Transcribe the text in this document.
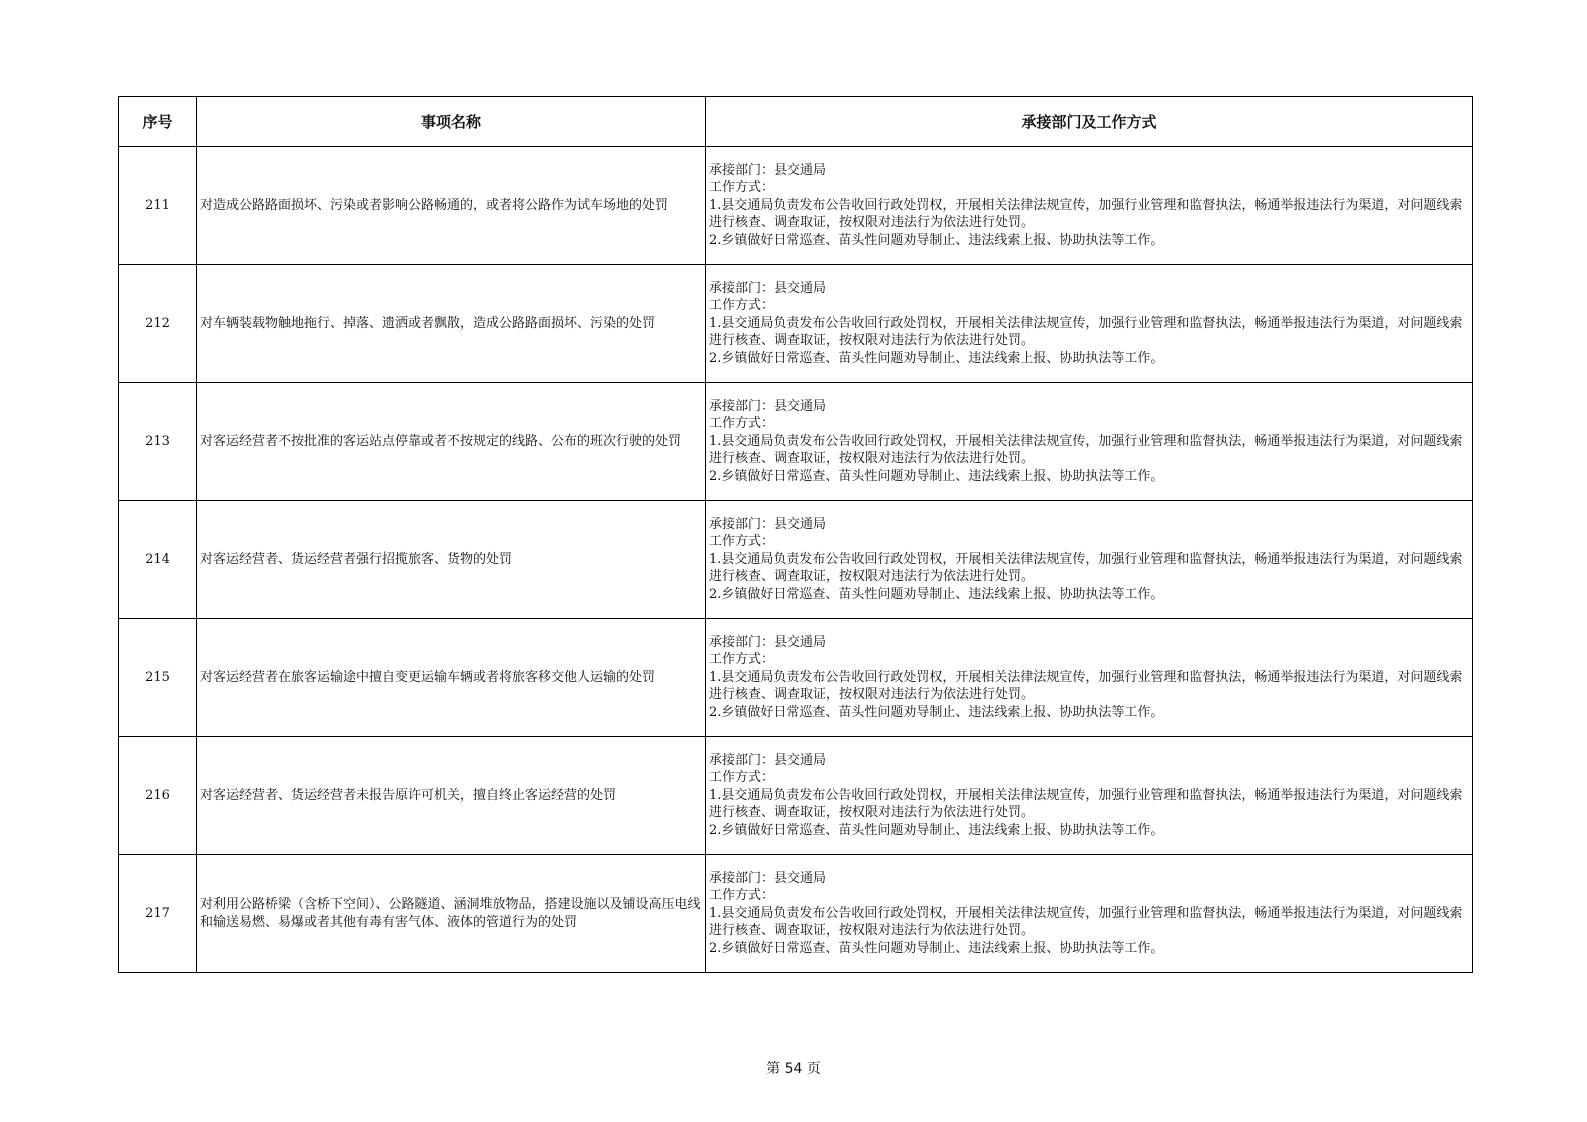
序号	事项名称	承接部门及工作方式
211	对造成公路路面损坏、污染或者影响公路畅通的，或者将公路作为试车场地的处罚	承接部门：县交通局
工作方式：
1.县交通局负责发布公告收回行政处罚权，开展相关法律法规宣传，加强行业管理和监督执法，畅通举报违法行为渠道，对问题线索进行核查、调查取证，按权限对违法行为依法进行处罚。
2.乡镇做好日常巡查、苗头性问题劝导制止、违法线索上报、协助执法等工作。

212	对车辆装载物触地拖行、掉落、遗洒或者飘散，造成公路路面损坏、污染的处罚	承接部门：县交通局
工作方式：
1.县交通局负责发布公告收回行政处罚权，开展相关法律法规宣传，加强行业管理和监督执法，畅通举报违法行为渠道，对问题线索进行核查、调查取证，按权限对违法行为依法进行处罚。
2.乡镇做好日常巡查、苗头性问题劝导制止、违法线索上报、协助执法等工作。

213	对客运经营者不按批准的客运站点停靠或者不按规定的线路、公布的班次行驶的处罚	承接部门：县交通局
工作方式：
1.县交通局负责发布公告收回行政处罚权，开展相关法律法规宣传，加强行业管理和监督执法，畅通举报违法行为渠道，对问题线索进行核查、调查取证，按权限对违法行为依法进行处罚。
2.乡镇做好日常巡查、苗头性问题劝导制止、违法线索上报、协助执法等工作。

214	对客运经营者、货运经营者强行招揽旅客、货物的处罚	承接部门：县交通局
工作方式：
1.县交通局负责发布公告收回行政处罚权，开展相关法律法规宣传，加强行业管理和监督执法，畅通举报违法行为渠道，对问题线索进行核查、调查取证，按权限对违法行为依法进行处罚。
2.乡镇做好日常巡查、苗头性问题劝导制止、违法线索上报、协助执法等工作。

215	对客运经营者在旅客运输途中擅自变更运输车辆或者将旅客移交他人运输的处罚	承接部门：县交通局
工作方式：
1.县交通局负责发布公告收回行政处罚权，开展相关法律法规宣传，加强行业管理和监督执法，畅通举报违法行为渠道，对问题线索进行核查、调查取证，按权限对违法行为依法进行处罚。
2.乡镇做好日常巡查、苗头性问题劝导制止、违法线索上报、协助执法等工作。

216	对客运经营者、货运经营者未报告原许可机关，擅自终止客运经营的处罚	承接部门：县交通局
工作方式：
1.县交通局负责发布公告收回行政处罚权，开展相关法律法规宣传，加强行业管理和监督执法，畅通举报违法行为渠道，对问题线索进行核查、调查取证，按权限对违法行为依法进行处罚。
2.乡镇做好日常巡查、苗头性问题劝导制止、违法线索上报、协助执法等工作。

217	对利用公路桥梁（含桥下空间）、公路隧道、涵洞堆放物品，搭建设施以及铺设高压电线和输送易燃、易爆或者其他有毒有害气体、液体的管道行为的处罚	承接部门：县交通局
工作方式：
1.县交通局负责发布公告收回行政处罚权，开展相关法律法规宣传，加强行业管理和监督执法，畅通举报违法行为渠道，对问题线索进行核查、调查取证，按权限对违法行为依法进行处罚。
2.乡镇做好日常巡查、苗头性问题劝导制止、违法线索上报、协助执法等工作。
第 54 页
